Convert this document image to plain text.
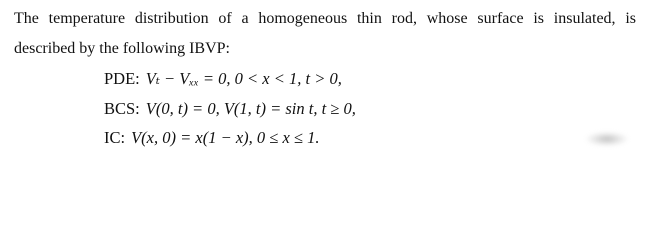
The temperature distribution of a homogeneous thin rod, whose surface is insulated, is
described by the following IBVP:

PDE: Vₜ − Vₓₓ = 0, 0 < x < 1, t > 0,
BCS: V(0, t) = 0, V(1, t) = sin t, t ≥ 0,
IC: V(x, 0) = x(1 − x), 0 ≤ x ≤ 1.
